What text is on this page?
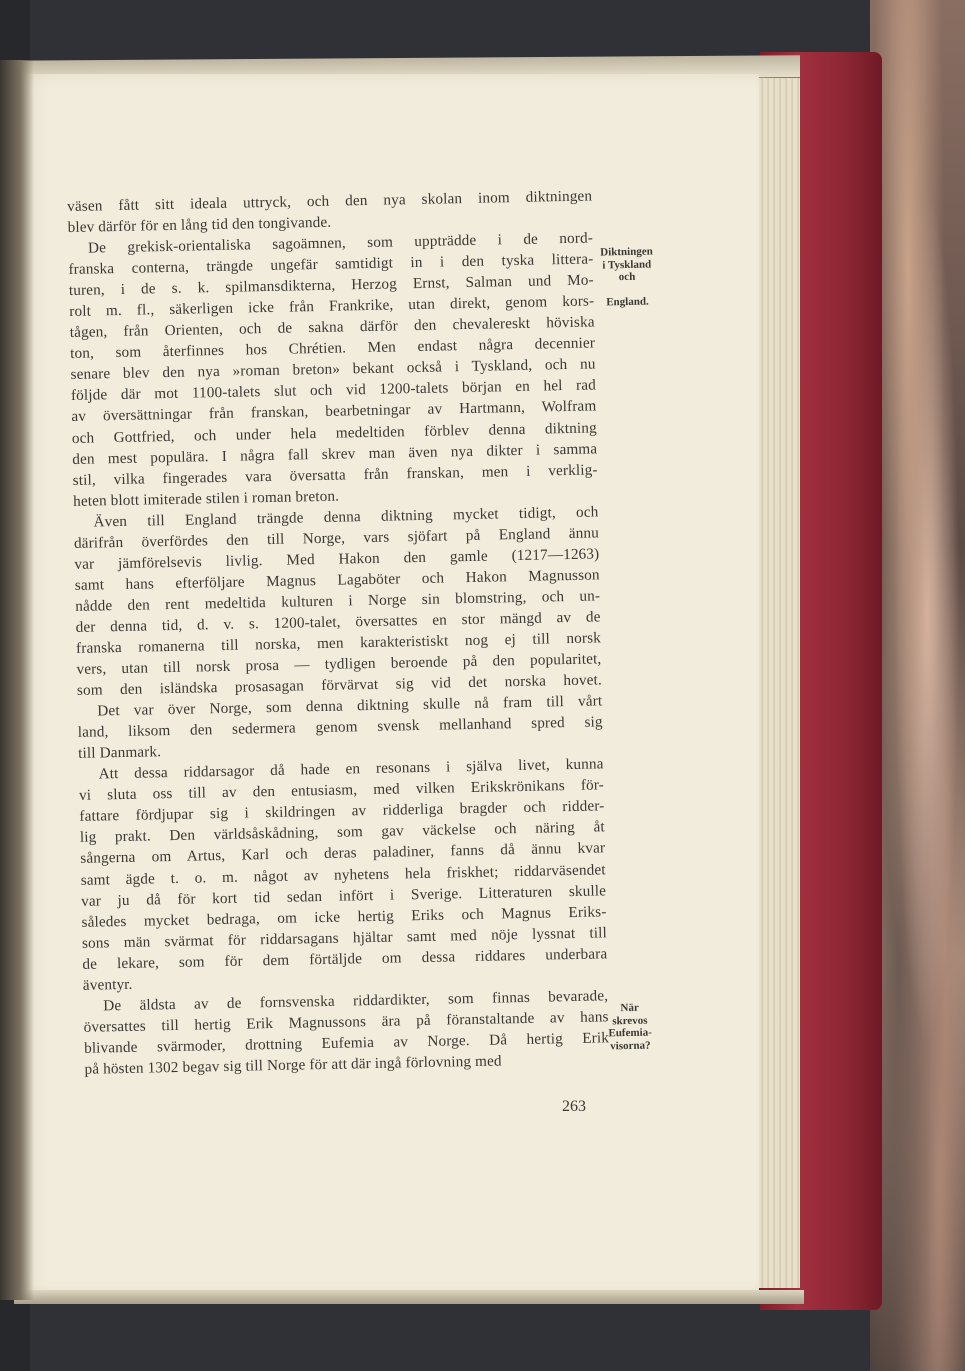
väsen fått sitt ideala uttryck, och den nya skolan inom diktningen
blev därför för en lång tid den tongivande.
De grekisk-orientaliska sagoämnen, som uppträdde i de nord-
franska conterna, trängde ungefär samtidigt in i den tyska littera-
turen, i de s. k. spilmansdikterna, Herzog Ernst, Salman und Mo-
rolt m. fl., säkerligen icke från Frankrike, utan direkt, genom kors-
tågen, från Orienten, och de sakna därför den chevalereskt höviska
ton, som återfinnes hos Chrétien. Men endast några decennier
senare blev den nya »roman breton» bekant också i Tyskland, och nu
följde där mot 1100-talets slut och vid 1200-talets början en hel rad
av översättningar från franskan, bearbetningar av Hartmann, Wolfram
och Gottfried, och under hela medeltiden förblev denna diktning
den mest populära. I några fall skrev man även nya dikter i samma
stil, vilka fingerades vara översatta från franskan, men i verklig-
heten blott imiterade stilen i roman breton.
Även till England trängde denna diktning mycket tidigt, och
därifrån överfördes den till Norge, vars sjöfart på England ännu
var jämförelsevis livlig. Med Hakon den gamle (1217—1263)
samt hans efterföljare Magnus Lagaböter och Hakon Magnusson
nådde den rent medeltida kulturen i Norge sin blomstring, och un-
der denna tid, d. v. s. 1200-talet, översattes en stor mängd av de
franska romanerna till norska, men karakteristiskt nog ej till norsk
vers, utan till norsk prosa — tydligen beroende på den popularitet,
som den isländska prosasagan förvärvat sig vid det norska hovet.
Det var över Norge, som denna diktning skulle nå fram till vårt
land, liksom den sedermera genom svensk mellanhand spred sig
till Danmark.
Att dessa riddarsagor då hade en resonans i själva livet, kunna
vi sluta oss till av den entusiasm, med vilken Erikskrönikans för-
fattare fördjupar sig i skildringen av ridderliga bragder och ridder-
lig prakt. Den världsåskådning, som gav väckelse och näring åt
sångerna om Artus, Karl och deras paladiner, fanns då ännu kvar
samt ägde t. o. m. något av nyhetens hela friskhet; riddarväsendet
var ju då för kort tid sedan infört i Sverige. Litteraturen skulle
således mycket bedraga, om icke hertig Eriks och Magnus Eriks-
sons män svärmat för riddarsagans hjältar samt med nöje lyssnat till
de lekare, som för dem förtäljde om dessa riddares underbara
äventyr.
De äldsta av de fornsvenska riddardikter, som finnas bevarade,
översattes till hertig Erik Magnussons ära på föranstaltande av hans
blivande svärmoder, drottning Eufemia av Norge. Då hertig Erik
på hösten 1302 begav sig till Norge för att där ingå förlovning med
Diktningen
i Tyskland
och
England.
När
skrevos
Eufemia-
visorna?
263
